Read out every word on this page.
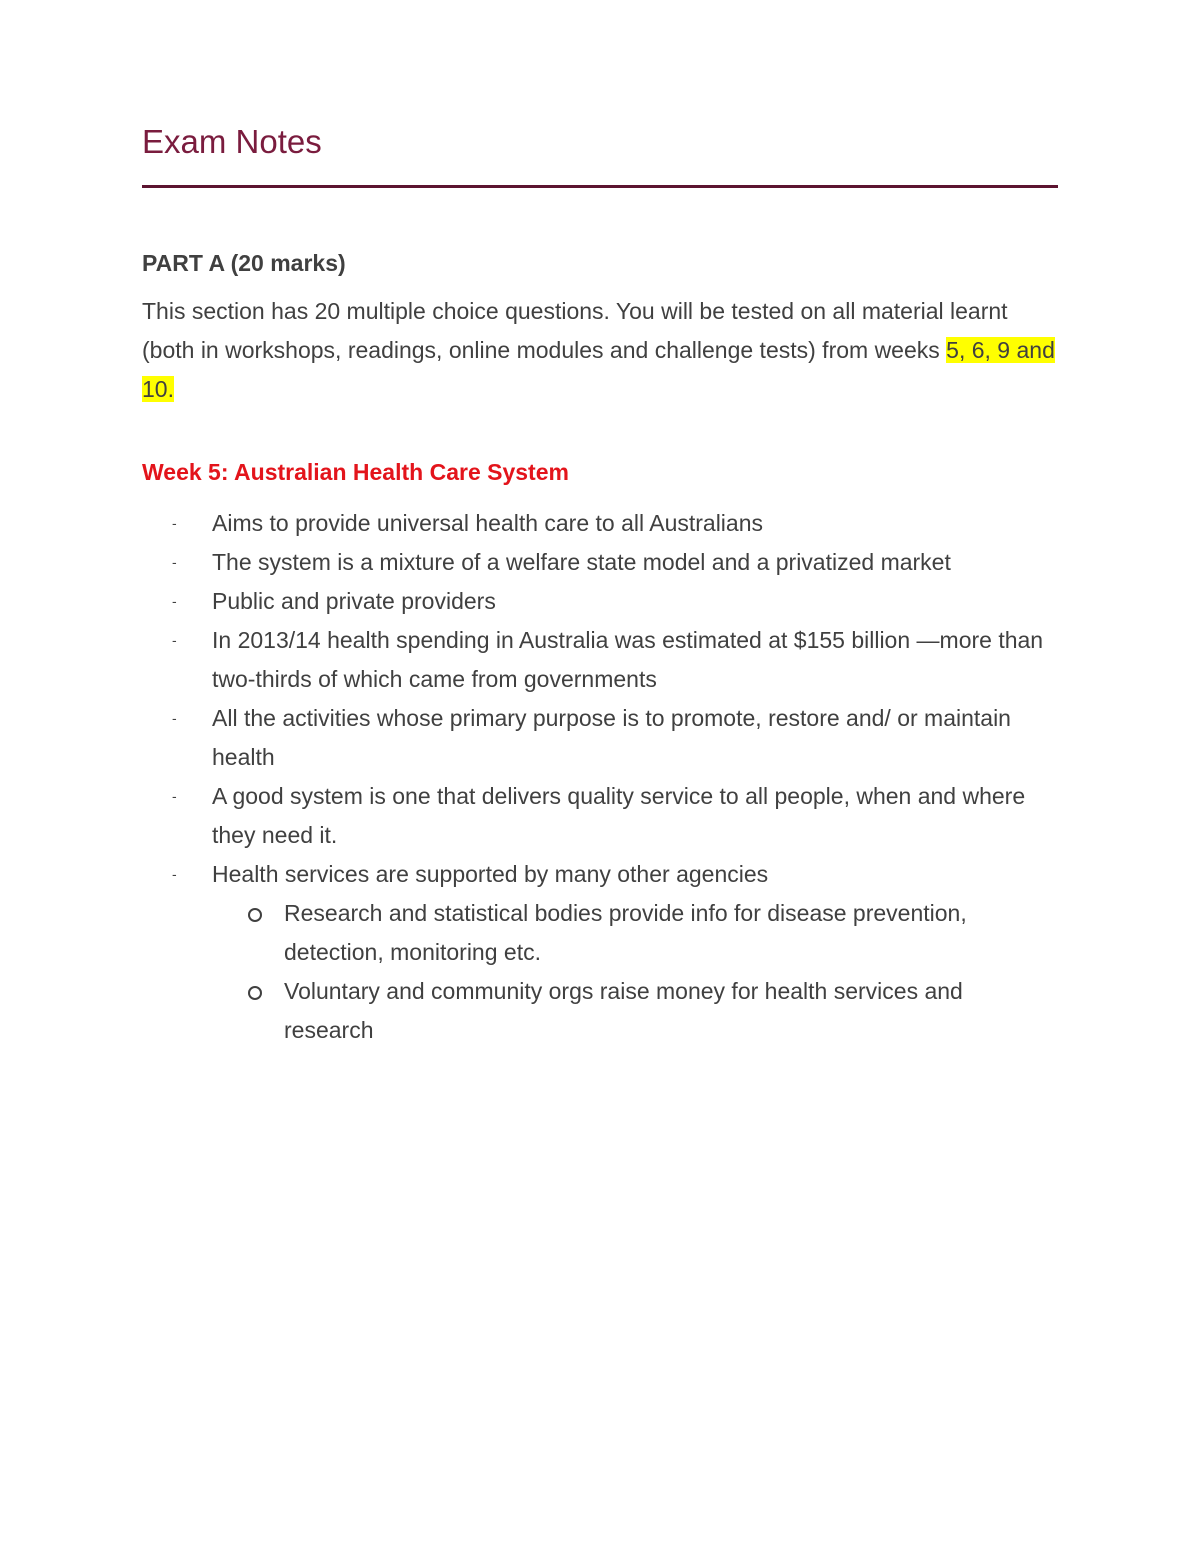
Exam Notes
PART A (20 marks)

This section has 20 multiple choice questions. You will be tested on all material learnt (both in workshops, readings, online modules and challenge tests) from weeks 5, 6, 9 and 10.

Week 5: Australian Health Care System
- Aims to provide universal health care to all Australians
- The system is a mixture of a welfare state model and a privatized market
- Public and private providers
- In 2013/14 health spending in Australia was estimated at $155 billion —more than two-thirds of which came from governments
- All the activities whose primary purpose is to promote, restore and/ or maintain health
- A good system is one that delivers quality service to all people, when and where they need it.
- Health services are supported by many other agencies
Research and statistical bodies provide info for disease prevention, detection, monitoring etc.
Voluntary and community orgs raise money for health services and research
